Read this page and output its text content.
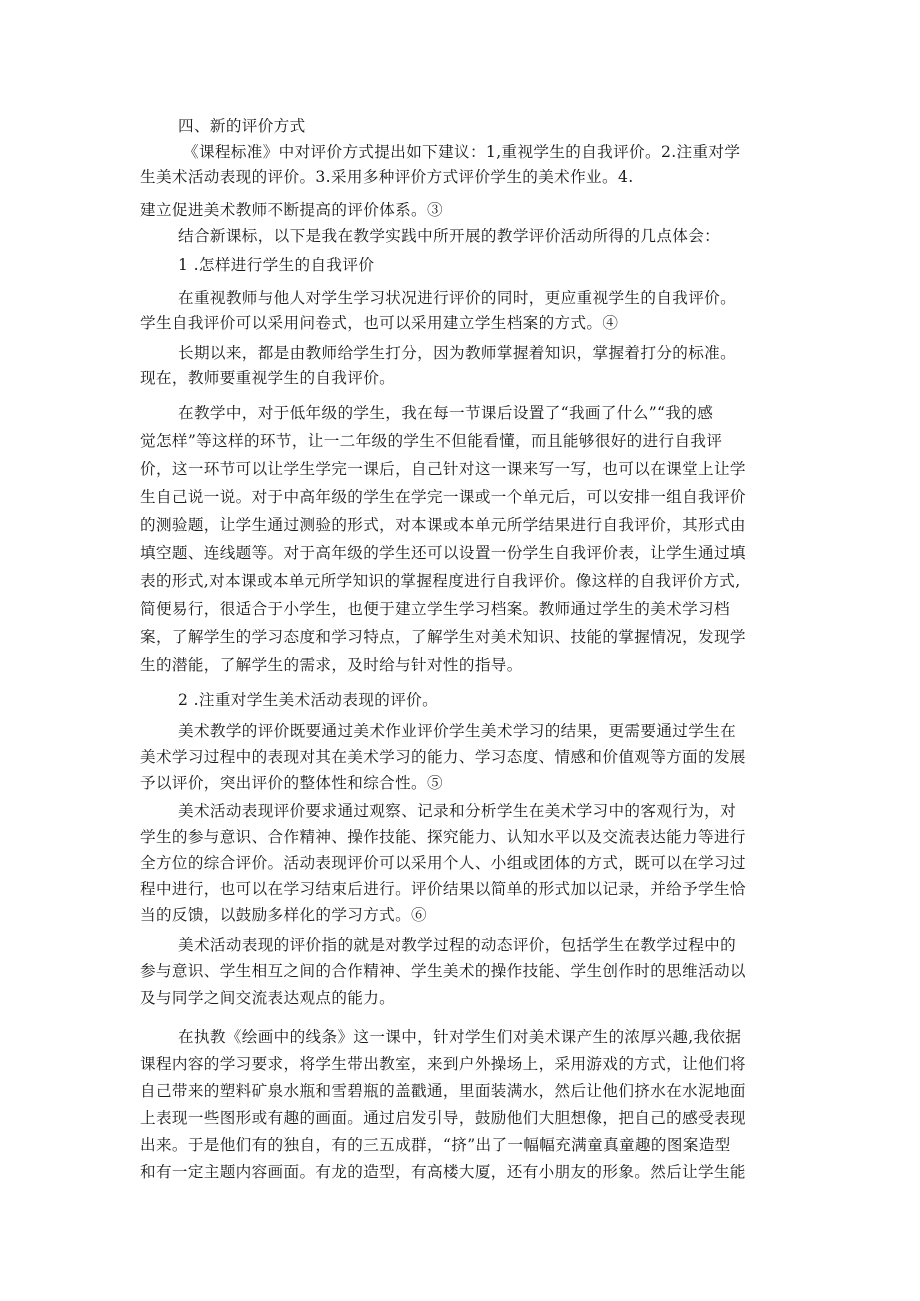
四、新的评价方式
《课程标准》中对评价方式提出如下建议：1,重视学生的自我评价。2.注重对学
生美术活动表现的评价。3.采用多种评价方式评价学生的美术作业。4.
建立促进美术教师不断提高的评价体系。③
结合新课标，以下是我在教学实践中所开展的教学评价活动所得的几点体会：
1 .怎样进行学生的自我评价
在重视教师与他人对学生学习状况进行评价的同时，更应重视学生的自我评价。
学生自我评价可以采用问卷式，也可以采用建立学生档案的方式。④
长期以来，都是由教师给学生打分，因为教师掌握着知识，掌握着打分的标准。
现在，教师要重视学生的自我评价。
在教学中，对于低年级的学生，我在每一节课后设置了“我画了什么”“我的感
觉怎样”等这样的环节，让一二年级的学生不但能看懂，而且能够很好的进行自我评
价，这一环节可以让学生学完一课后，自己针对这一课来写一写，也可以在课堂上让学
生自己说一说。对于中高年级的学生在学完一课或一个单元后，可以安排一组自我评价
的测验题，让学生通过测验的形式，对本课或本单元所学结果进行自我评价，其形式由
填空题、连线题等。对于高年级的学生还可以设置一份学生自我评价表，让学生通过填
表的形式,对本课或本单元所学知识的掌握程度进行自我评价。像这样的自我评价方式,
简便易行，很适合于小学生，也便于建立学生学习档案。教师通过学生的美术学习档
案，了解学生的学习态度和学习特点，了解学生对美术知识、技能的掌握情况，发现学
生的潜能，了解学生的需求，及时给与针对性的指导。
2 .注重对学生美术活动表现的评价。
美术教学的评价既要通过美术作业评价学生美术学习的结果，更需要通过学生在
美术学习过程中的表现对其在美术学习的能力、学习态度、情感和价值观等方面的发展
予以评价，突出评价的整体性和综合性。⑤
美术活动表现评价要求通过观察、记录和分析学生在美术学习中的客观行为，对
学生的参与意识、合作精神、操作技能、探究能力、认知水平以及交流表达能力等进行
全方位的综合评价。活动表现评价可以采用个人、小组或团体的方式，既可以在学习过
程中进行，也可以在学习结束后进行。评价结果以简单的形式加以记录，并给予学生恰
当的反馈，以鼓励多样化的学习方式。⑥
美术活动表现的评价指的就是对教学过程的动态评价，包括学生在教学过程中的
参与意识、学生相互之间的合作精神、学生美术的操作技能、学生创作时的思维活动以
及与同学之间交流表达观点的能力。
在执教《绘画中的线条》这一课中，针对学生们对美术课产生的浓厚兴趣,我依据
课程内容的学习要求，将学生带出教室，来到户外操场上，采用游戏的方式，让他们将
自己带来的塑料矿泉水瓶和雪碧瓶的盖戳通，里面装满水，然后让他们挤水在水泥地面
上表现一些图形或有趣的画面。通过启发引导，鼓励他们大胆想像，把自己的感受表现
出来。于是他们有的独自，有的三五成群，“挤”出了一幅幅充满童真童趣的图案造型
和有一定主题内容画面。有龙的造型，有高楼大厦，还有小朋友的形象。然后让学生能
